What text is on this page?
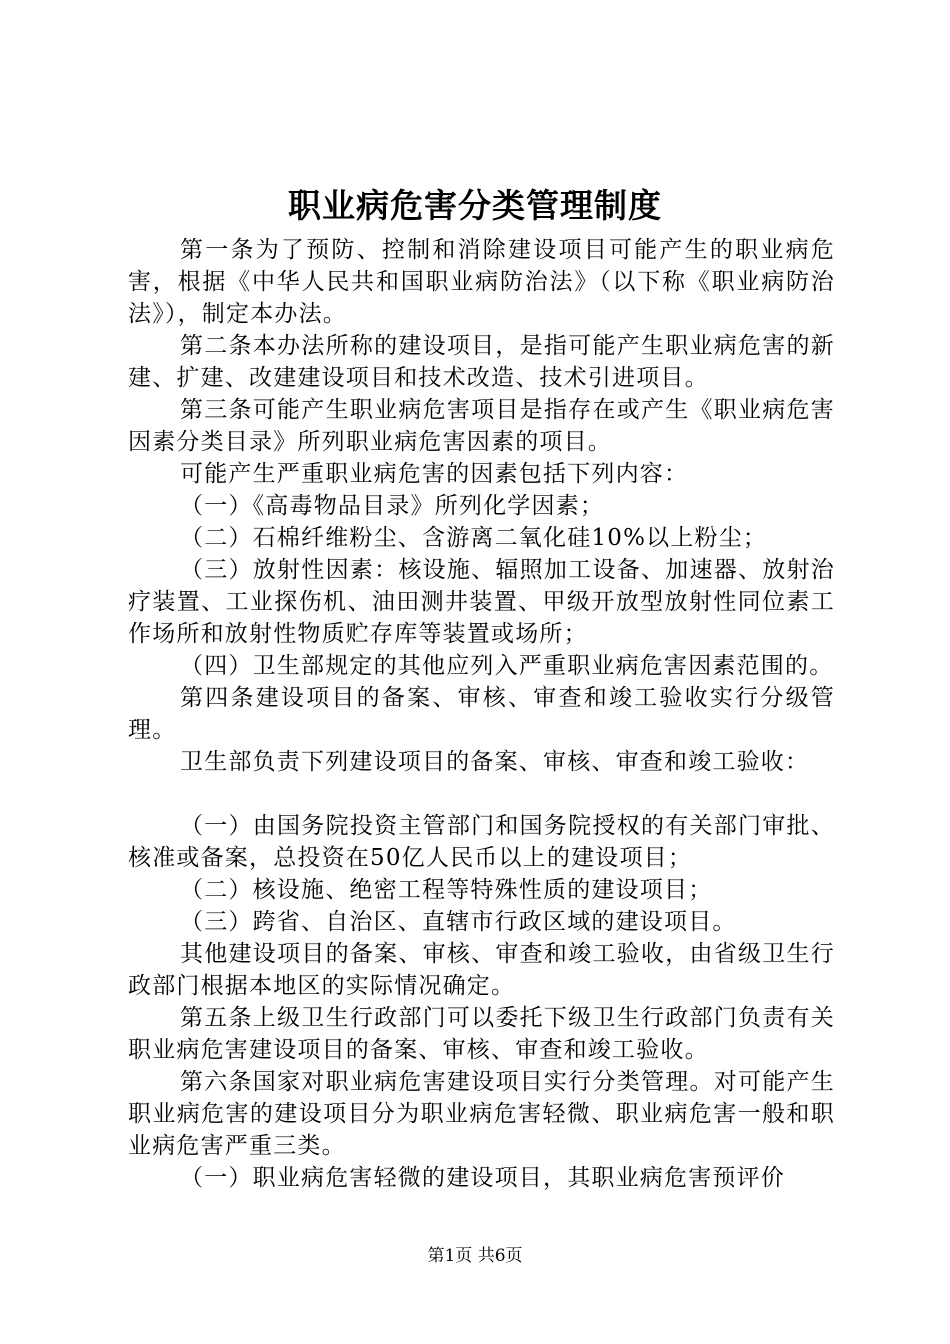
职业病危害分类管理制度

第一条为了预防、控制和消除建设项目可能产生的职业病危害，根据《中华人民共和国职业病防治法》（以下称《职业病防治法》），制定本办法。

第二条本办法所称的建设项目，是指可能产生职业病危害的新建、扩建、改建建设项目和技术改造、技术引进项目。

第三条可能产生职业病危害项目是指存在或产生《职业病危害因素分类目录》所列职业病危害因素的项目。

可能产生严重职业病危害的因素包括下列内容：

（一）《高毒物品目录》所列化学因素；

（二）石棉纤维粉尘、含游离二氧化硅10%以上粉尘；

（三）放射性因素：核设施、辐照加工设备、加速器、放射治疗装置、工业探伤机、油田测井装置、甲级开放型放射性同位素工作场所和放射性物质贮存库等装置或场所；

（四）卫生部规定的其他应列入严重职业病危害因素范围的。

第四条建设项目的备案、审核、审查和竣工验收实行分级管理。

卫生部负责下列建设项目的备案、审核、审查和竣工验收：

（一）由国务院投资主管部门和国务院授权的有关部门审批、核准或备案，总投资在50亿人民币以上的建设项目；

（二）核设施、绝密工程等特殊性质的建设项目；

（三）跨省、自治区、直辖市行政区域的建设项目。

其他建设项目的备案、审核、审查和竣工验收，由省级卫生行政部门根据本地区的实际情况确定。

第五条上级卫生行政部门可以委托下级卫生行政部门负责有关职业病危害建设项目的备案、审核、审查和竣工验收。

第六条国家对职业病危害建设项目实行分类管理。对可能产生职业病危害的建设项目分为职业病危害轻微、职业病危害一般和职业病危害严重三类。

（一）职业病危害轻微的建设项目，其职业病危害预评价

第1页 共6页
